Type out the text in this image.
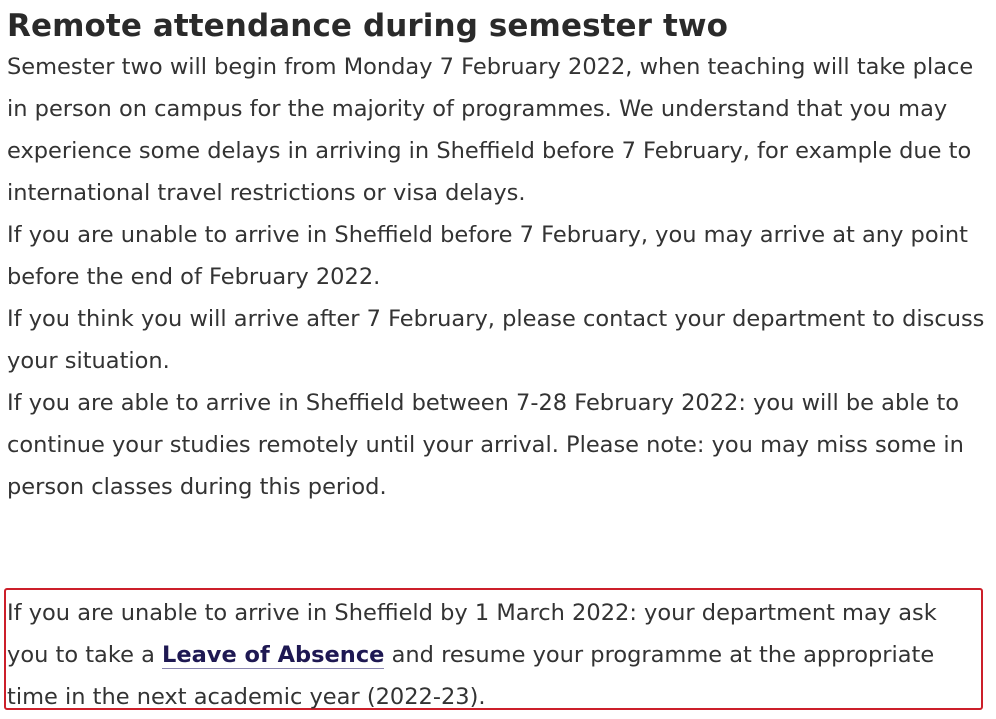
Remote attendance during semester two

Semester two will begin from Monday 7 February 2022, when teaching will take place in person on campus for the majority of programmes. We understand that you may experience some delays in arriving in Sheffield before 7 February, for example due to international travel restrictions or visa delays.

If you are unable to arrive in Sheffield before 7 February, you may arrive at any point before the end of February 2022.

If you think you will arrive after 7 February, please contact your department to discuss your situation.

If you are able to arrive in Sheffield between 7-28 February 2022: you will be able to continue your studies remotely until your arrival. Please note: you may miss some in person classes during this period.

If you are unable to arrive in Sheffield by 1 March 2022: your department may ask you to take a Leave of Absence and resume your programme at the appropriate time in the next academic year (2022-23).
